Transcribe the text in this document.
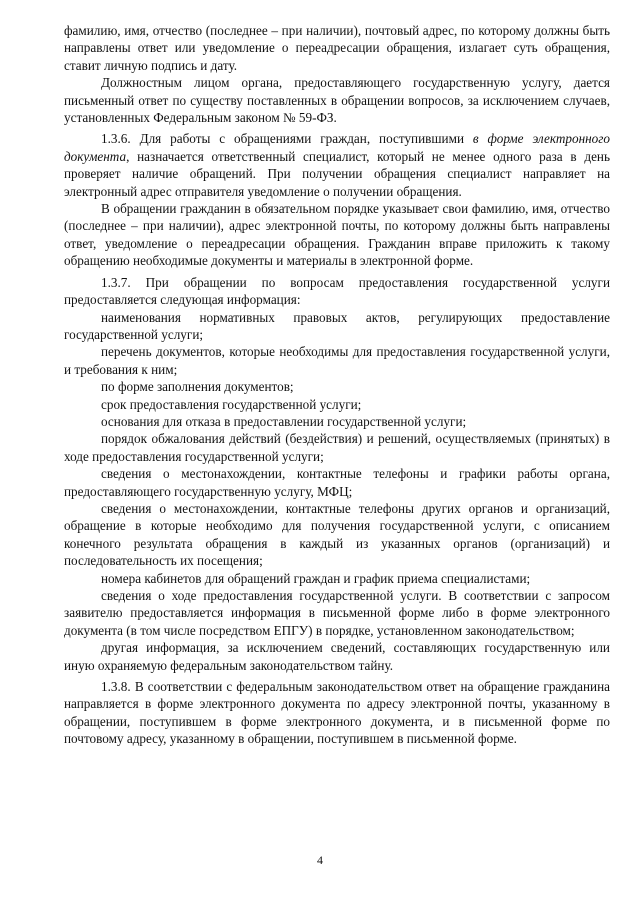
фамилию, имя, отчество (последнее – при наличии), почтовый адрес, по которому должны быть направлены ответ или уведомление о переадресации обращения, излагает суть обращения, ставит личную подпись и дату.

Должностным лицом органа, предоставляющего государственную услугу, дается письменный ответ по существу поставленных в обращении вопросов, за исключением случаев, установленных Федеральным законом № 59-ФЗ.

1.3.6. Для работы с обращениями граждан, поступившими в форме электронного документа, назначается ответственный специалист, который не менее одного раза в день проверяет наличие обращений. При получении обращения специалист направляет на электронный адрес отправителя уведомление о получении обращения.

В обращении гражданин в обязательном порядке указывает свои фамилию, имя, отчество (последнее – при наличии), адрес электронной почты, по которому должны быть направлены ответ, уведомление о переадресации обращения. Гражданин вправе приложить к такому обращению необходимые документы и материалы в электронной форме.

1.3.7. При обращении по вопросам предоставления государственной услуги предоставляется следующая информация:

наименования нормативных правовых актов, регулирующих предоставление государственной услуги;

перечень документов, которые необходимы для предоставления государственной услуги, и требования к ним;

по форме заполнения документов;

срок предоставления государственной услуги;

основания для отказа в предоставлении государственной услуги;

порядок обжалования действий (бездействия) и решений, осуществляемых (принятых) в ходе предоставления государственной услуги;

сведения о местонахождении, контактные телефоны и графики работы органа, предоставляющего государственную услугу, МФЦ;

сведения о местонахождении, контактные телефоны других органов и организаций, обращение в которые необходимо для получения государственной услуги, с описанием конечного результата обращения в каждый из указанных органов (организаций) и последовательность их посещения;

номера кабинетов для обращений граждан и график приема специалистами;

сведения о ходе предоставления государственной услуги. В соответствии с запросом заявителю предоставляется информация в письменной форме либо в форме электронного документа (в том числе посредством ЕПГУ) в порядке, установленном законодательством;

другая информация, за исключением сведений, составляющих государственную или иную охраняемую федеральным законодательством тайну.

1.3.8. В соответствии с федеральным законодательством ответ на обращение гражданина направляется в форме электронного документа по адресу электронной почты, указанному в обращении, поступившем в форме электронного документа, и в письменной форме по почтовому адресу, указанному в обращении, поступившем в письменной форме.

4
